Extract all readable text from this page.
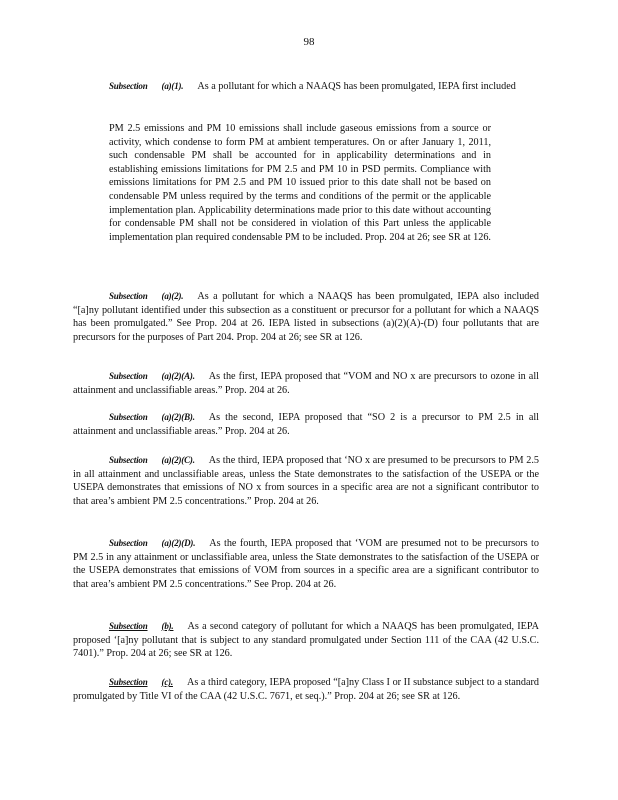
98
Subsection (a)(1). As a pollutant for which a NAAQS has been promulgated, IEPA first included
PM 2.5 emissions and PM 10 emissions shall include gaseous emissions from a source or activity, which condense to form PM at ambient temperatures. On or after January 1, 2011, such condensable PM shall be accounted for in applicability determinations and in establishing emissions limitations for PM 2.5 and PM 10 in PSD permits. Compliance with emissions limitations for PM 2.5 and PM 10 issued prior to this date shall not be based on condensable PM unless required by the terms and conditions of the permit or the applicable implementation plan. Applicability determinations made prior to this date without accounting for condensable PM shall not be considered in violation of this Part unless the applicable implementation plan required condensable PM to be included. Prop. 204 at 26; see SR at 126.
Subsection (a)(2). As a pollutant for which a NAAQS has been promulgated, IEPA also included “[a]ny pollutant identified under this subsection as a constituent or precursor for a pollutant for which a NAAQS has been promulgated.” See Prop. 204 at 26. IEPA listed in subsections (a)(2)(A)-(D) four pollutants that are precursors for the purposes of Part 204. Prop. 204 at 26; see SR at 126.
Subsection (a)(2)(A). As the first, IEPA proposed that “VOM and NO x are precursors to ozone in all attainment and unclassifiable areas.” Prop. 204 at 26.
Subsection (a)(2)(B). As the second, IEPA proposed that “SO 2 is a precursor to PM 2.5 in all attainment and unclassifiable areas.” Prop. 204 at 26.
Subsection (a)(2)(C). As the third, IEPA proposed that ‘NO x are presumed to be precursors to PM 2.5 in all attainment and unclassifiable areas, unless the State demonstrates to the satisfaction of the USEPA or the USEPA demonstrates that emissions of NO x from sources in a specific area are not a significant contributor to that area’s ambient PM 2.5 concentrations.” Prop. 204 at 26.
Subsection (a)(2)(D). As the fourth, IEPA proposed that ‘VOM are presumed not to be precursors to PM 2.5 in any attainment or unclassifiable area, unless the State demonstrates to the satisfaction of the USEPA or the USEPA demonstrates that emissions of VOM from sources in a specific area are a significant contributor to that area’s ambient PM 2.5 concentrations.” See Prop. 204 at 26.
Subsection (b). As a second category of pollutant for which a NAAQS has been promulgated, IEPA proposed ‘[a]ny pollutant that is subject to any standard promulgated under Section 111 of the CAA (42 U.S.C. 7401).” Prop. 204 at 26; see SR at 126.
Subsection (c). As a third category, IEPA proposed “[a]ny Class I or II substance subject to a standard promulgated by Title VI of the CAA (42 U.S.C. 7671, et seq.).” Prop. 204 at 26; see SR at 126.
